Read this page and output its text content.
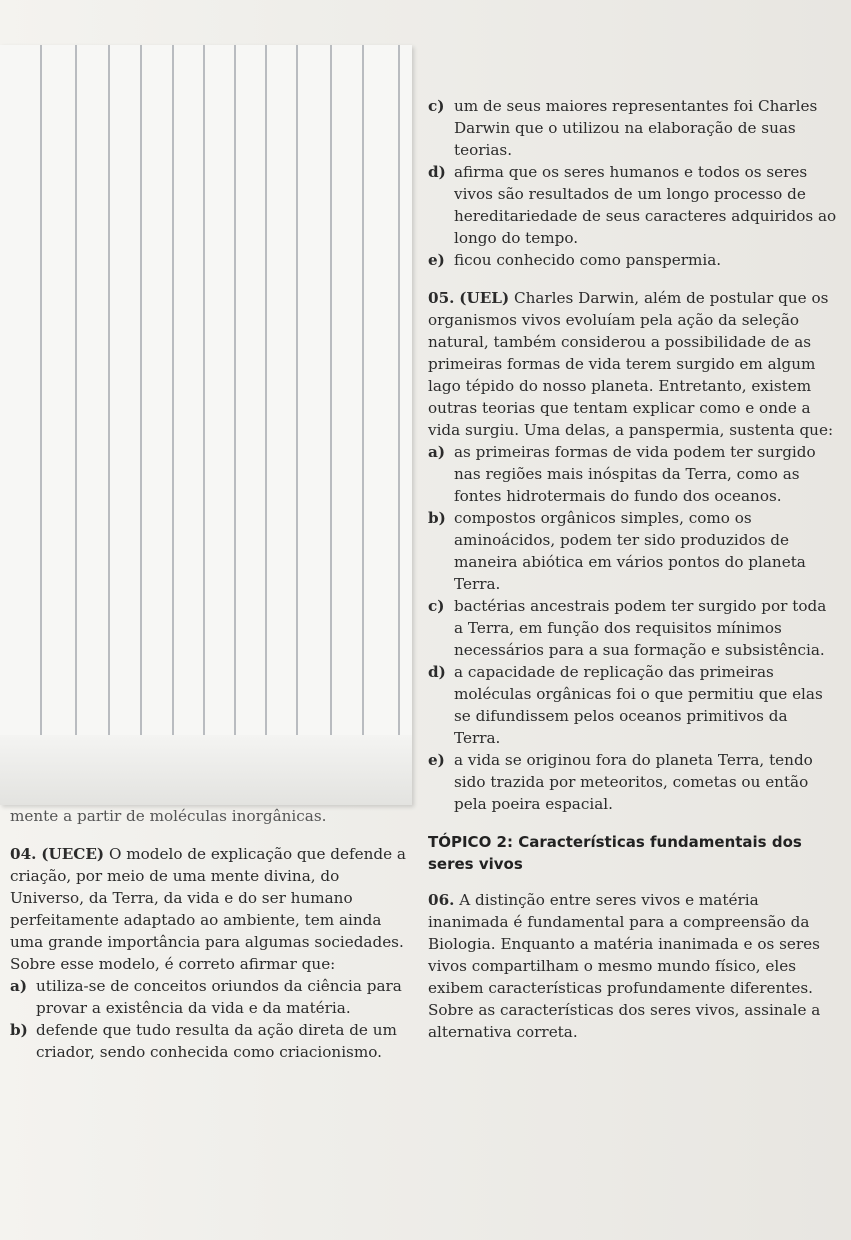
c) um de seus maiores representantes foi Charles Darwin que o utilizou na elaboração de suas teorias.
d) afirma que os seres humanos e todos os seres vivos são resultados de um longo processo de hereditariedade de seus caracteres adquiridos ao longo do tempo.
e) ficou conhecido como panspermia.

05. (UEL) Charles Darwin, além de postular que os organismos vivos evoluíam pela ação da seleção natural, também considerou a possibilidade de as primeiras formas de vida terem surgido em algum lago tépido do nosso planeta. Entretanto, existem outras teorias que tentam explicar como e onde a vida surgiu. Uma delas, a panspermia, sustenta que:

a) as primeiras formas de vida podem ter surgido nas regiões mais inóspitas da Terra, como as fontes hidrotermais do fundo dos oceanos.
b) compostos orgânicos simples, como os aminoácidos, podem ter sido produzidos de maneira abiótica em vários pontos do planeta Terra.
c) bactérias ancestrais podem ter surgido por toda a Terra, em função dos requisitos mínimos necessários para a sua formação e subsistência.
d) a capacidade de replicação das primeiras moléculas orgânicas foi o que permitiu que elas se difundissem pelos oceanos primitivos da Terra.
e) a vida se originou fora do planeta Terra, tendo sido trazida por meteoritos, cometas ou então pela poeira espacial.
TÓPICO 2: Características fundamentais dos seres vivos

06. A distinção entre seres vivos e matéria inanimada é fundamental para a compreensão da Biologia. Enquanto a matéria inanimada e os seres vivos compartilham o mesmo mundo físico, eles exibem características profundamente diferentes. Sobre as características dos seres vivos, assinale a alternativa correta.

mente a partir de moléculas inorgânicas.

04. (UECE) O modelo de explicação que defende a criação, por meio de uma mente divina, do Universo, da Terra, da vida e do ser humano perfeitamente adaptado ao ambiente, tem ainda uma grande importância para algumas sociedades. Sobre esse modelo, é correto afirmar que:

a) utiliza-se de conceitos oriundos da ciência para provar a existência da vida e da matéria.
b) defende que tudo resulta da ação direta de um criador, sendo conhecida como criacionismo.
